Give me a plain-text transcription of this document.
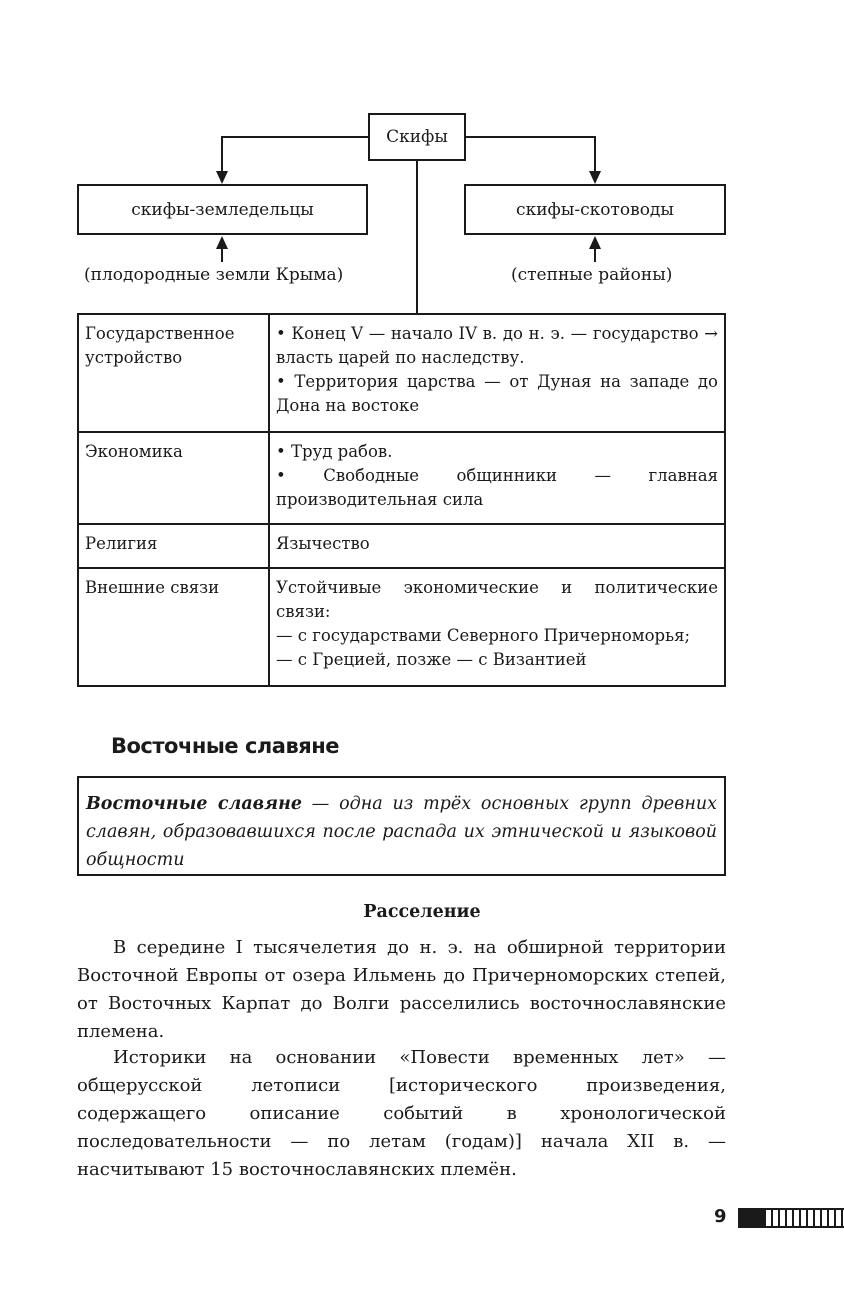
Скифы
скифы-земледельцы	скифы-скотоводы
(плодородные земли Крыма)	(степные районы)
Государственное устройство	• Конец V — начало IV в. до н. э. — государство → власть царей по наследству.
• Территория царства — от Дуная на западе до Дона на востоке

Экономика	• Труд рабов.
• Свободные общинники — главная производительная сила

Религия	Язычество

Внешние связи	Устойчивые экономические и политические связи:
— с государствами Северного Причерноморья;
— с Грецией, позже — с Византией
Восточные славяне
Восточные славяне — одна из трёх основных групп древних славян, образовавшихся после распада их этнической и языковой общности
Расселение

В середине I тысячелетия до н. э. на обширной территории Восточной Европы от озера Ильмень до Причерноморских степей, от Восточных Карпат до Волги расселились восточнославянские племена.

Историки на основании «Повести временных лет» — общерусской летописи [исторического произведения, содержащего описание событий в хронологической последовательности — по летам (годам)] начала XII в. — насчитывают 15 восточнославянских племён.

9
